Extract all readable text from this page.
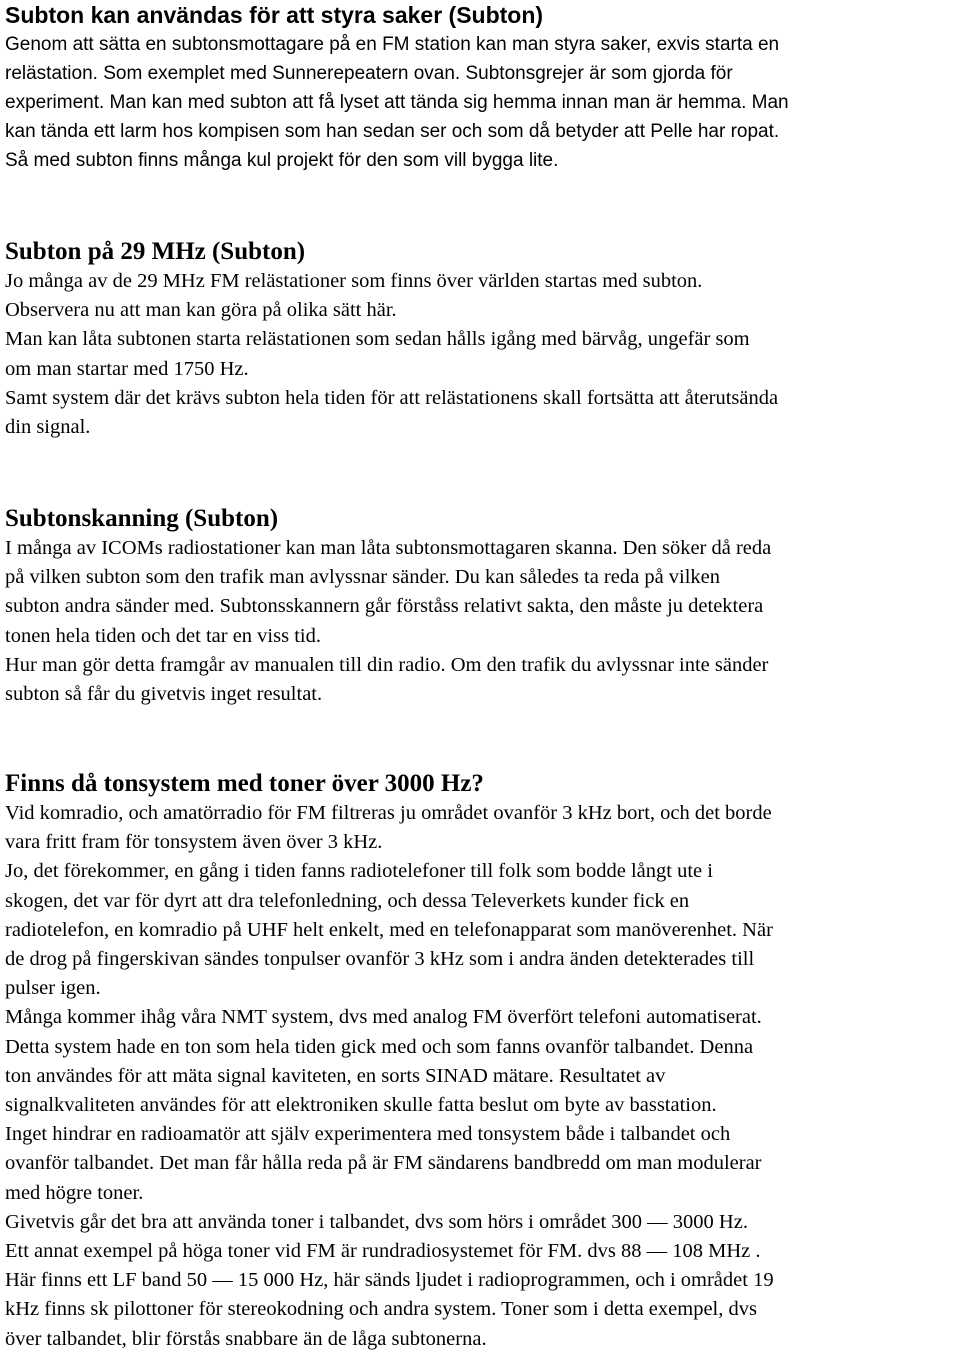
Subton kan användas för att styra saker (Subton)
Genom att sätta en subtonsmottagare på en FM station kan man styra saker, exvis starta en
relästation. Som exemplet med Sunnerepeatern ovan. Subtonsgrejer är som gjorda för
experiment. Man kan med subton att få lyset att tända sig hemma innan man är hemma. Man
kan tända ett larm hos kompisen som han sedan ser och som då betyder att Pelle har ropat.
Så med subton finns många kul projekt för den som vill bygga lite.
Subton på 29 MHz (Subton)
Jo många av de 29 MHz FM relästationer som finns över världen startas med subton.
Observera nu att man kan göra på olika sätt här.
Man kan låta subtonen starta relästationen som sedan hålls igång med bärvåg, ungefär som
om man startar med 1750 Hz.
Samt system där det krävs subton hela tiden för att relästationens skall fortsätta att återutsända
din signal.
Subtonskanning (Subton)
I många av ICOMs radiostationer kan man låta subtonsmottagaren skanna. Den söker då reda
på vilken subton som den trafik man avlyssnar sänder. Du kan således ta reda på vilken
subton andra sänder med. Subtonsskannern går förståss relativt sakta, den måste ju detektera
tonen hela tiden och det tar en viss tid.
Hur man gör detta framgår av manualen till din radio. Om den trafik du avlyssnar inte sänder
subton så får du givetvis inget resultat.
Finns då tonsystem med toner över 3000 Hz?
Vid komradio, och amatörradio för FM filtreras ju området ovanför 3 kHz bort, och det borde
vara fritt fram för tonsystem även över 3 kHz.
Jo, det förekommer, en gång i tiden fanns radiotelefoner till folk som bodde långt ute i
skogen, det var för dyrt att dra telefonledning, och dessa Televerkets kunder fick en
radiotelefon, en komradio på UHF helt enkelt, med en telefonapparat som manöverenhet. När
de drog på fingerskivan sändes tonpulser ovanför 3 kHz som i andra änden detekterades till
pulser igen.
Många kommer ihåg våra NMT system, dvs med analog FM överfört telefoni automatiserat.
Detta system hade en ton som hela tiden gick med och som fanns ovanför talbandet. Denna
ton användes för att mäta signal kaviteten, en sorts SINAD mätare. Resultatet av
signalkvaliteten användes för att elektroniken skulle fatta beslut om byte av basstation.
Inget hindrar en radioamatör att själv experimentera med tonsystem både i talbandet och
ovanför talbandet. Det man får hålla reda på är FM sändarens bandbredd om man modulerar
med högre toner.
Givetvis går det bra att använda toner i talbandet, dvs som hörs i området 300 — 3000 Hz.
Ett annat exempel på höga toner vid FM är rundradiosystemet för FM. dvs 88 — 108 MHz .
Här finns ett LF band 50 — 15 000 Hz, här sänds ljudet i radioprogrammen, och i området 19
kHz finns sk pilottoner för stereokodning och andra system. Toner som i detta exempel, dvs
över talbandet, blir förstås snabbare än de låga subtonerna.
